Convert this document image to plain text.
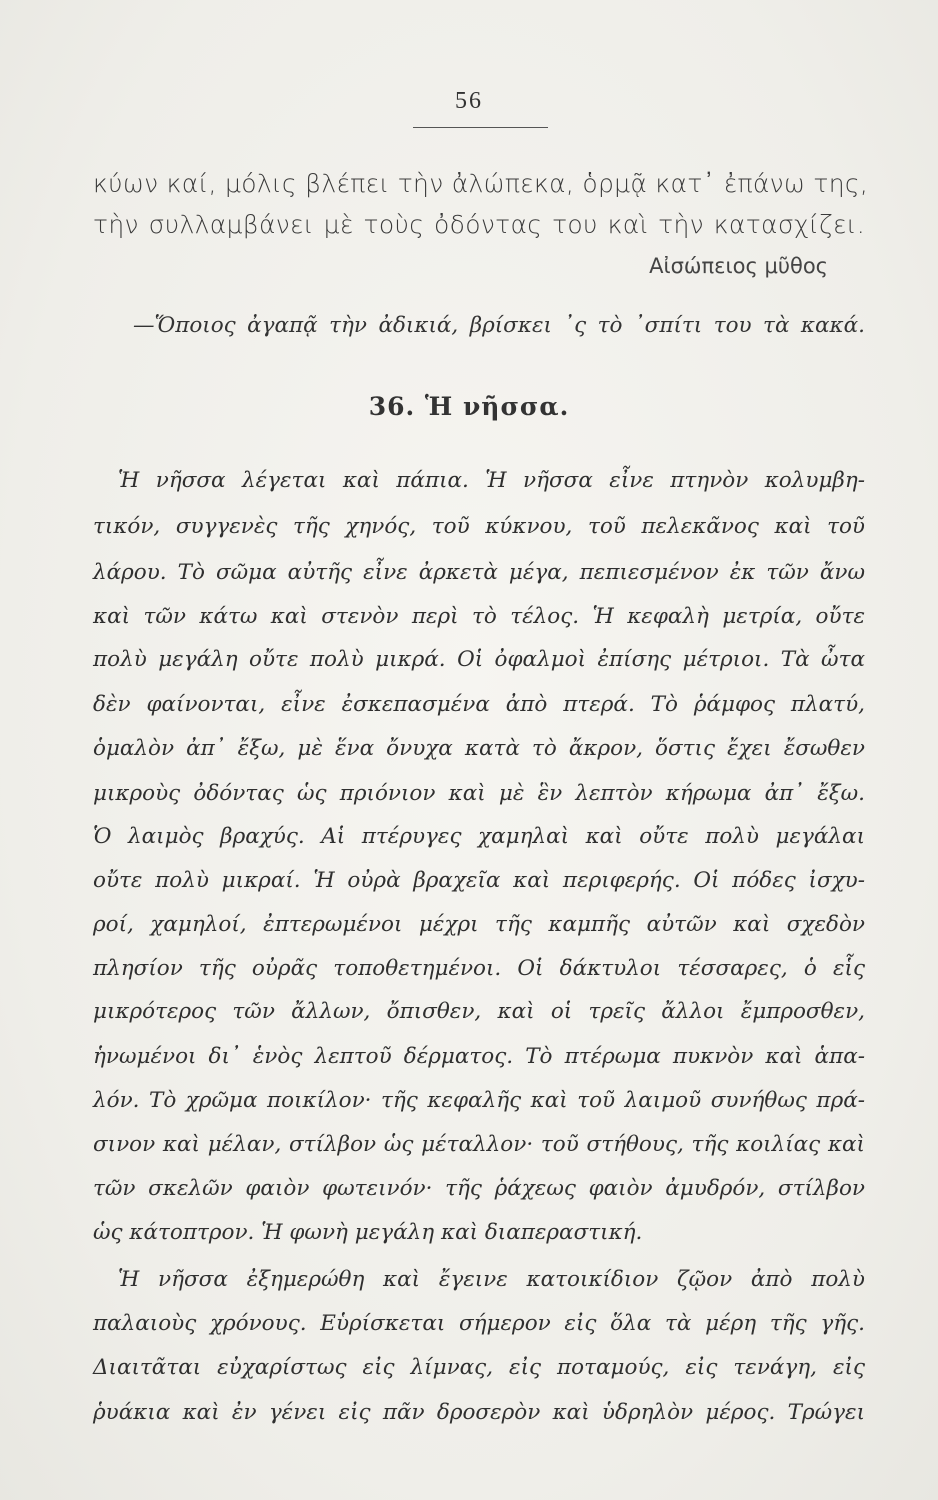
56
κύων καί, μόλις βλέπει τὴν ἀλώπεκα, ὁρμᾷ κατ᾽ ἐπάνω της,
τὴν συλλαμβάνει μὲ τοὺς ὀδόντας του καὶ τὴν κατασχίζει.
Αἰσώπειος μῦθος
—Ὅποιος ἀγαπᾷ τὴν ἀδικιά, βρίσκει ᾽ς τὸ ᾽σπίτι του τὰ κακά.
36. Ἡ νῆσσα.
Ἡ νῆσσα λέγεται καὶ πάπια. Ἡ νῆσσα εἶνε πτηνὸν κολυμβη-
τικόν, συγγενὲς τῆς χηνός, τοῦ κύκνου, τοῦ πελεκᾶνος καὶ τοῦ
λάρου. Τὸ σῶμα αὐτῆς εἶνε ἀρκετὰ μέγα, πεπιεσμένον ἐκ τῶν ἄνω
καὶ τῶν κάτω καὶ στενὸν περὶ τὸ τέλος. Ἡ κεφαλὴ μετρία, οὔτε
πολὺ μεγάλη οὔτε πολὺ μικρά. Οἱ ὀφαλμοὶ ἐπίσης μέτριοι. Τὰ ὦτα
δὲν φαίνονται, εἶνε ἐσκεπασμένα ἀπὸ πτερά. Τὸ ῥάμφος πλατύ,
ὁμαλὸν ἀπ᾽ ἔξω, μὲ ἕνα ὄνυχα κατὰ τὸ ἄκρον, ὅστις ἔχει ἔσωθεν
μικροὺς ὀδόντας ὡς πριόνιον καὶ μὲ ἓν λεπτὸν κήρωμα ἀπ᾽ ἔξω.
Ὁ λαιμὸς βραχύς. Αἱ πτέρυγες χαμηλαὶ καὶ οὔτε πολὺ μεγάλαι
οὔτε πολὺ μικραί. Ἡ οὐρὰ βραχεῖα καὶ περιφερής. Οἱ πόδες ἰσχυ-
ροί, χαμηλοί, ἐπτερωμένοι μέχρι τῆς καμπῆς αὐτῶν καὶ σχεδὸν
πλησίον τῆς οὐρᾶς τοποθετημένοι. Οἱ δάκτυλοι τέσσαρες, ὁ εἷς
μικρότερος τῶν ἄλλων, ὄπισθεν, καὶ οἱ τρεῖς ἄλλοι ἔμπροσθεν,
ἡνωμένοι δι᾽ ἑνὸς λεπτοῦ δέρματος. Τὸ πτέρωμα πυκνὸν καὶ ἁπα-
λόν. Τὸ χρῶμα ποικίλον· τῆς κεφαλῆς καὶ τοῦ λαιμοῦ συνήθως πρά-
σινον καὶ μέλαν, στίλβον ὡς μέταλλον· τοῦ στήθους, τῆς κοιλίας καὶ
τῶν σκελῶν φαιὸν φωτεινόν· τῆς ῥάχεως φαιὸν ἀμυδρόν, στίλβον
ὡς κάτοπτρον. Ἡ φωνὴ μεγάλη καὶ διαπεραστική.
Ἡ νῆσσα ἐξημερώθη καὶ ἔγεινε κατοικίδιον ζῷον ἀπὸ πολὺ
παλαιοὺς χρόνους. Εὑρίσκεται σήμερον εἰς ὅλα τὰ μέρη τῆς γῆς.
Διαιτᾶται εὐχαρίστως εἰς λίμνας, εἰς ποταμούς, εἰς τενάγη, εἰς
ῥυάκια καὶ ἐν γένει εἰς πᾶν δροσερὸν καὶ ὑδρηλὸν μέρος. Τρώγει
